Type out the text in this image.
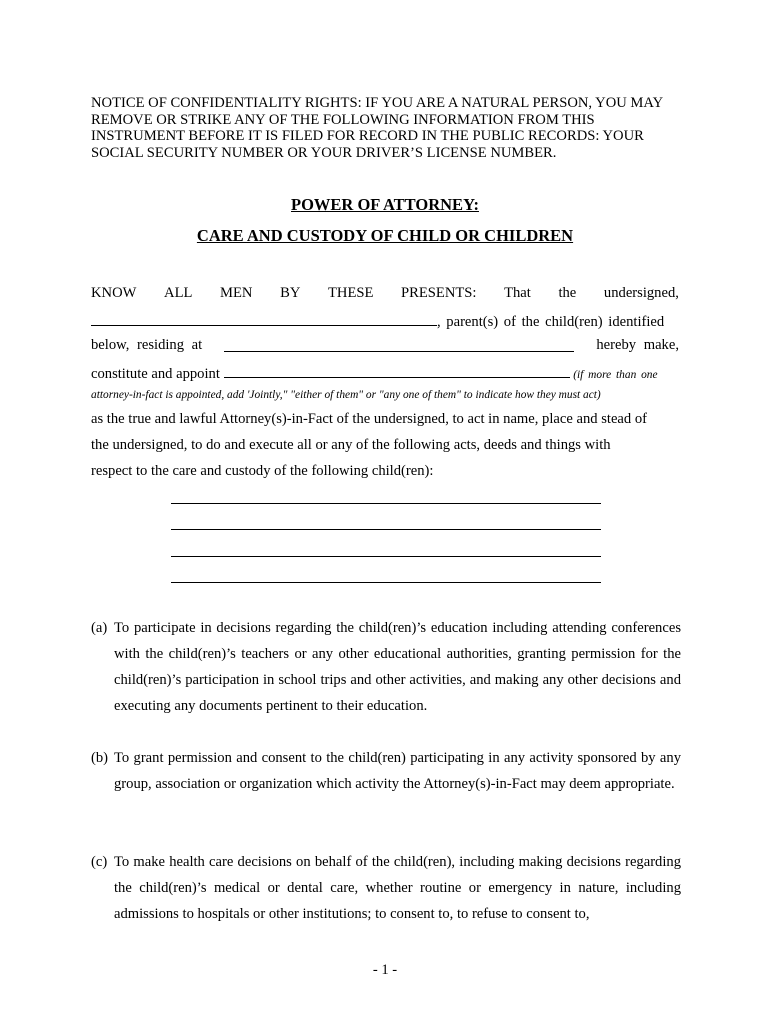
NOTICE OF CONFIDENTIALITY RIGHTS: IF YOU ARE A NATURAL PERSON, YOU MAY REMOVE OR STRIKE ANY OF THE FOLLOWING INFORMATION FROM THIS INSTRUMENT BEFORE IT IS FILED FOR RECORD IN THE PUBLIC RECORDS: YOUR SOCIAL SECURITY NUMBER OR YOUR DRIVER’S LICENSE NUMBER.
POWER OF ATTORNEY:
CARE AND CUSTODY OF CHILD OR CHILDREN
KNOW ALL MEN BY THESE PRESENTS: That the undersigned,
, parent(s) of the child(ren) identified
below, residing at	hereby make,
constitute and appoint	(if more than one
attorney-in-fact is appointed, add 'Jointly," "either of them" or "any one of them" to indicate how they must act)
as the true and lawful Attorney(s)-in-Fact of the undersigned, to act in name, place and stead of
the undersigned, to do and execute all or any of the following acts, deeds and things with
respect to the care and custody of the following child(ren):
(a) To participate in decisions regarding the child(ren)’s education including attending conferences with the child(ren)’s teachers or any other educational authorities, granting permission for the child(ren)’s participation in school trips and other activities, and making any other decisions and executing any documents pertinent to their education.
(b) To grant permission and consent to the child(ren) participating in any activity sponsored by any group, association or organization which activity the Attorney(s)-in-Fact may deem appropriate.
(c) To make health care decisions on behalf of the child(ren), including making decisions regarding the child(ren)’s medical or dental care, whether routine or emergency in nature, including admissions to hospitals or other institutions; to consent to, to refuse to consent to,
- 1 -
